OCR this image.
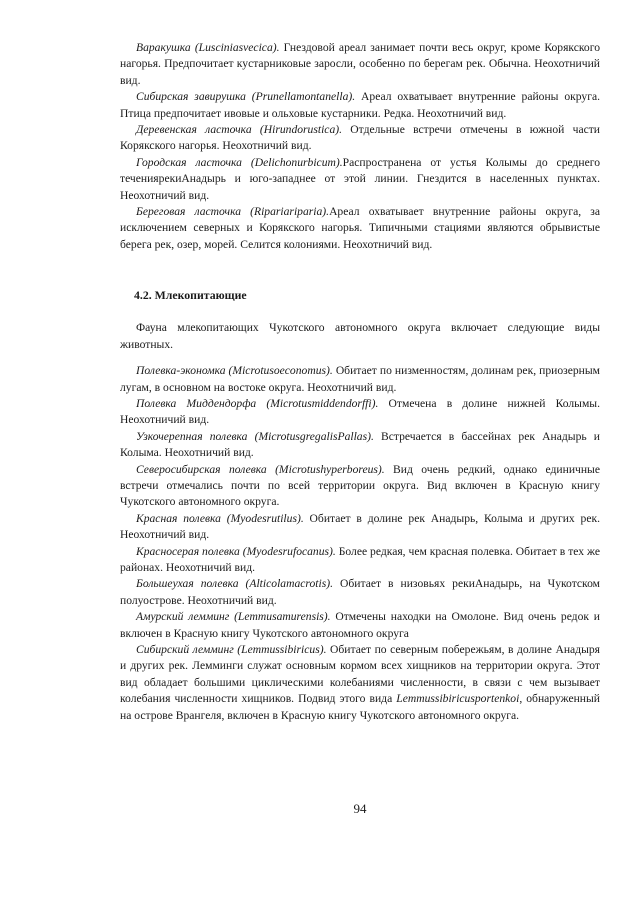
Варакушка (Lusciniasvecica). Гнездовой ареал занимает почти весь округ, кроме Корякского нагорья. Предпочитает кустарниковые заросли, особенно по берегам рек. Обычна. Неохотничий вид.

Сибирская завирушка (Prunellamontanella). Ареал охватывает внутренние районы округа. Птица предпочитает ивовые и ольховые кустарники. Редка. Неохотничий вид.

Деревенская ласточка (Hirundorustica). Отдельные встречи отмечены в южной части Корякского нагорья. Неохотничий вид.

Городская ласточка (Delichonurbicum).Распространена от устья Колымы до среднего течениярекиАнадырь и юго-западнее от этой линии. Гнездится в населенных пунктах. Неохотничий вид.

Береговая ласточка (Ripariariparia).Ареал охватывает внутренние районы округа, за исключением северных и Корякского нагорья. Типичными стациями являются обрывистые берега рек, озер, морей. Селится колониями. Неохотничий вид.

4.2. Млекопитающие

Фауна млекопитающих Чукотского автономного округа включает следующие виды животных.

Полевка-экономка (Microtusoeconomus). Обитает по низменностям, долинам рек, приозерным лугам, в основном на востоке округа. Неохотничий вид.

Полевка Миддендорфа (Microtusmiddendorffi). Отмечена в долине нижней Колымы. Неохотничий вид.

Узкочерепная полевка (MicrotusgregalisPallas). Встречается в бассейнах рек Анадырь и Колыма. Неохотничий вид.

Северосибирская полевка (Microtushyperboreus). Вид очень редкий, однако единичные встречи отмечались почти по всей территории округа. Вид включен в Красную книгу Чукотского автономного округа.

Красная полевка (Myodesrutilus). Обитает в долине рек Анадырь, Колыма и других рек. Неохотничий вид.

Красносерая полевка (Myodesrufocanus). Более редкая, чем красная полевка. Обитает в тех же районах. Неохотничий вид.

Большеухая полевка (Alticolamacrotis). Обитает в низовьях рекиАнадырь, на Чукотском полуострове. Неохотничий вид.

Амурский лемминг (Lemmusamurensis). Отмечены находки на Омолоне. Вид очень редок и включен в Красную книгу Чукотского автономного округа

Сибирский лемминг (Lemmussibiricus). Обитает по северным побережьям, в долине Анадыря и других рек. Лемминги служат основным кормом всех хищников на территории округа. Этот вид обладает большими циклическими колебаниями численности, в связи с чем вызывает колебания численности хищников. Подвид этого вида Lemmussibiricusportenkoi, обнаруженный на острове Врангеля, включен в Красную книгу Чукотского автономного округа.

94
